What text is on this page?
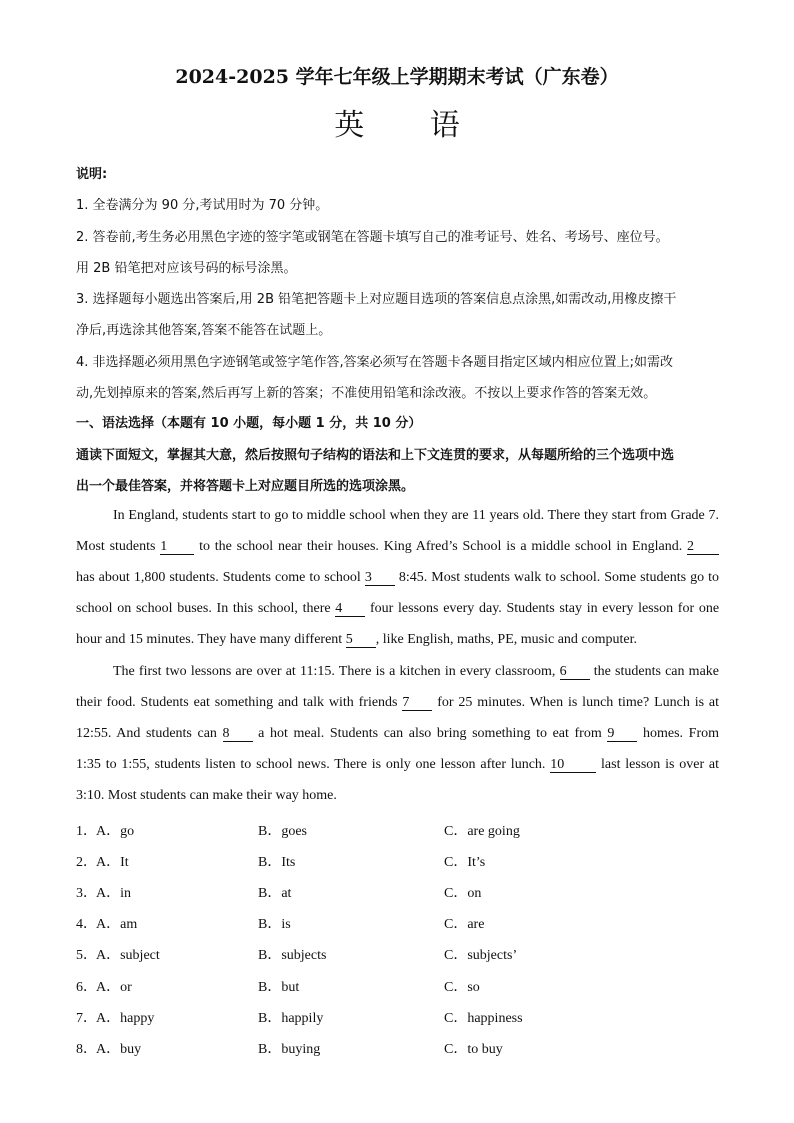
2024-2025 学年七年级上学期期末考试（广东卷）
英 语
说明:
1. 全卷满分为 90 分,考试用时为 70 分钟。
2. 答卷前,考生务必用黑色字迹的签字笔或钢笔在答题卡填写自己的准考证号、姓名、考场号、座位号。
用 2B 铅笔把对应该号码的标号涂黑。
3. 选择题每小题选出答案后,用 2B 铅笔把答题卡上对应题目选项的答案信息点涂黑,如需改动,用橡皮擦干
净后,再选涂其他答案,答案不能答在试题上。
4. 非选择题必须用黑色字迹钢笔或签字笔作答,答案必须写在答题卡各题目指定区域内相应位置上;如需改
动,先划掉原来的答案,然后再写上新的答案；不准使用铅笔和涂改液。不按以上要求作答的答案无效。
一、语法选择（本题有 10 小题，每小题 1 分，共 10 分）
通读下面短文，掌握其大意，然后按照句子结构的语法和上下文连贯的要求，从每题所给的三个选项中选
出一个最佳答案，并将答题卡上对应题目所选的选项涂黑。
In England, students start to go to middle school when they are 11 years old. There they start from Grade 7.
Most students 1 to the school near their houses. King Afred’s School is a middle school in England. 2
has about 1,800 students. Students come to school 3 8:45. Most students walk to school. Some students go to
school on school buses. In this school, there 4 four lessons every day. Students stay in every lesson for one
hour and 15 minutes. They have many different 5 , like English, maths, PE, music and computer.
The first two lessons are over at 11:15. There is a kitchen in every classroom, 6 the students can make
their food. Students eat something and talk with friends 7 for 25 minutes. When is lunch time? Lunch is at
12:55. And students can 8 a hot meal. Students can also bring something to eat from 9 homes. From
1:35 to 1:55, students listen to school news. There is only one lesson after lunch. 10	last lesson is over at
3:10. Most students can make their way home.
1． A．go	B．goes	C．are going
2． A．It	B．Its	C．It’s
3． A．in	B．at	C．on
4． A．am	B．is	C．are
5． A．subject	B．subjects	C．subjects’
6． A．or	B．but	C．so
7． A．happy	B．happily	C．happiness
8． A．buy	B．buying	C．to buy
